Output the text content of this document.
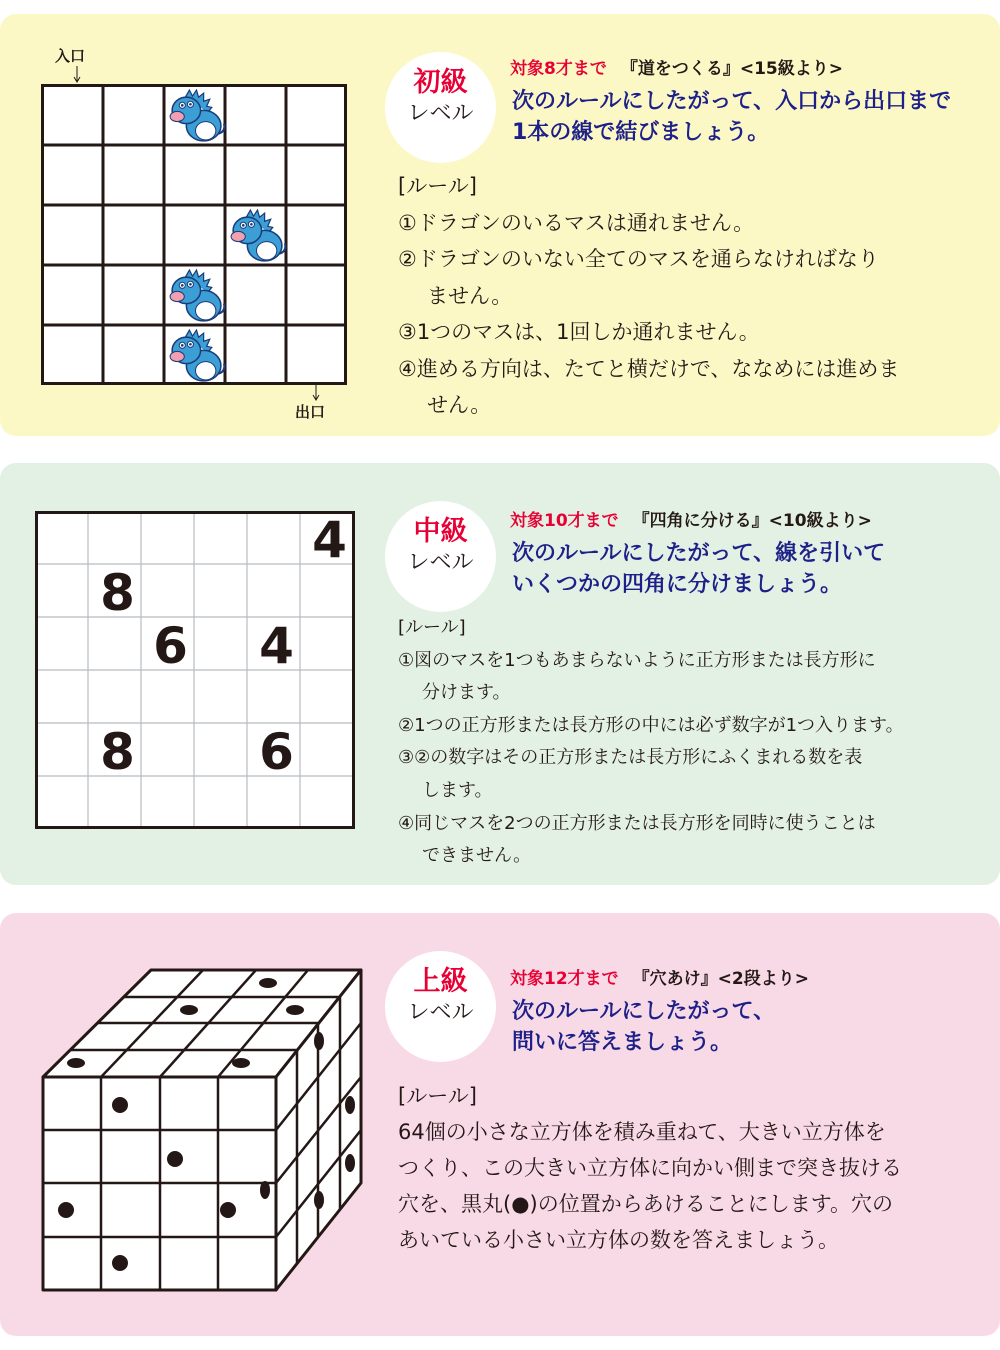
入口
出口
初級
レベル
対象8才まで 『道をつくる』<15級より>
次のルールにしたがって、入口から出口まで
1本の線で結びましょう。
[ルール]
①ドラゴンのいるマスは通れません。
②ドラゴンのいない全てのマスを通らなければなり
ません。
③1つのマスは、1回しか通れません。
④進める方向は、たてと横だけで、ななめには進めま
せん。
4
8
6 4
8 6
中級
レベル
対象10才まで 『四角に分ける』<10級より>
次のルールにしたがって、線を引いて
いくつかの四角に分けましょう。
[ルール]
①図のマスを1つもあまらないように正方形または長方形に
分けます。
②1つの正方形または長方形の中には必ず数字が1つ入ります。
③②の数字はその正方形または長方形にふくまれる数を表
します。
④同じマスを2つの正方形または長方形を同時に使うことは
できません。
上級
レベル
対象12才まで 『穴あけ』<2段より>
次のルールにしたがって、
問いに答えましょう。
[ルール]
64個の小さな立方体を積み重ねて、大きい立方体を
つくり、この大きい立方体に向かい側まで突き抜ける
穴を、黒丸(●)の位置からあけることにします。穴の
あいている小さい立方体の数を答えましょう。
